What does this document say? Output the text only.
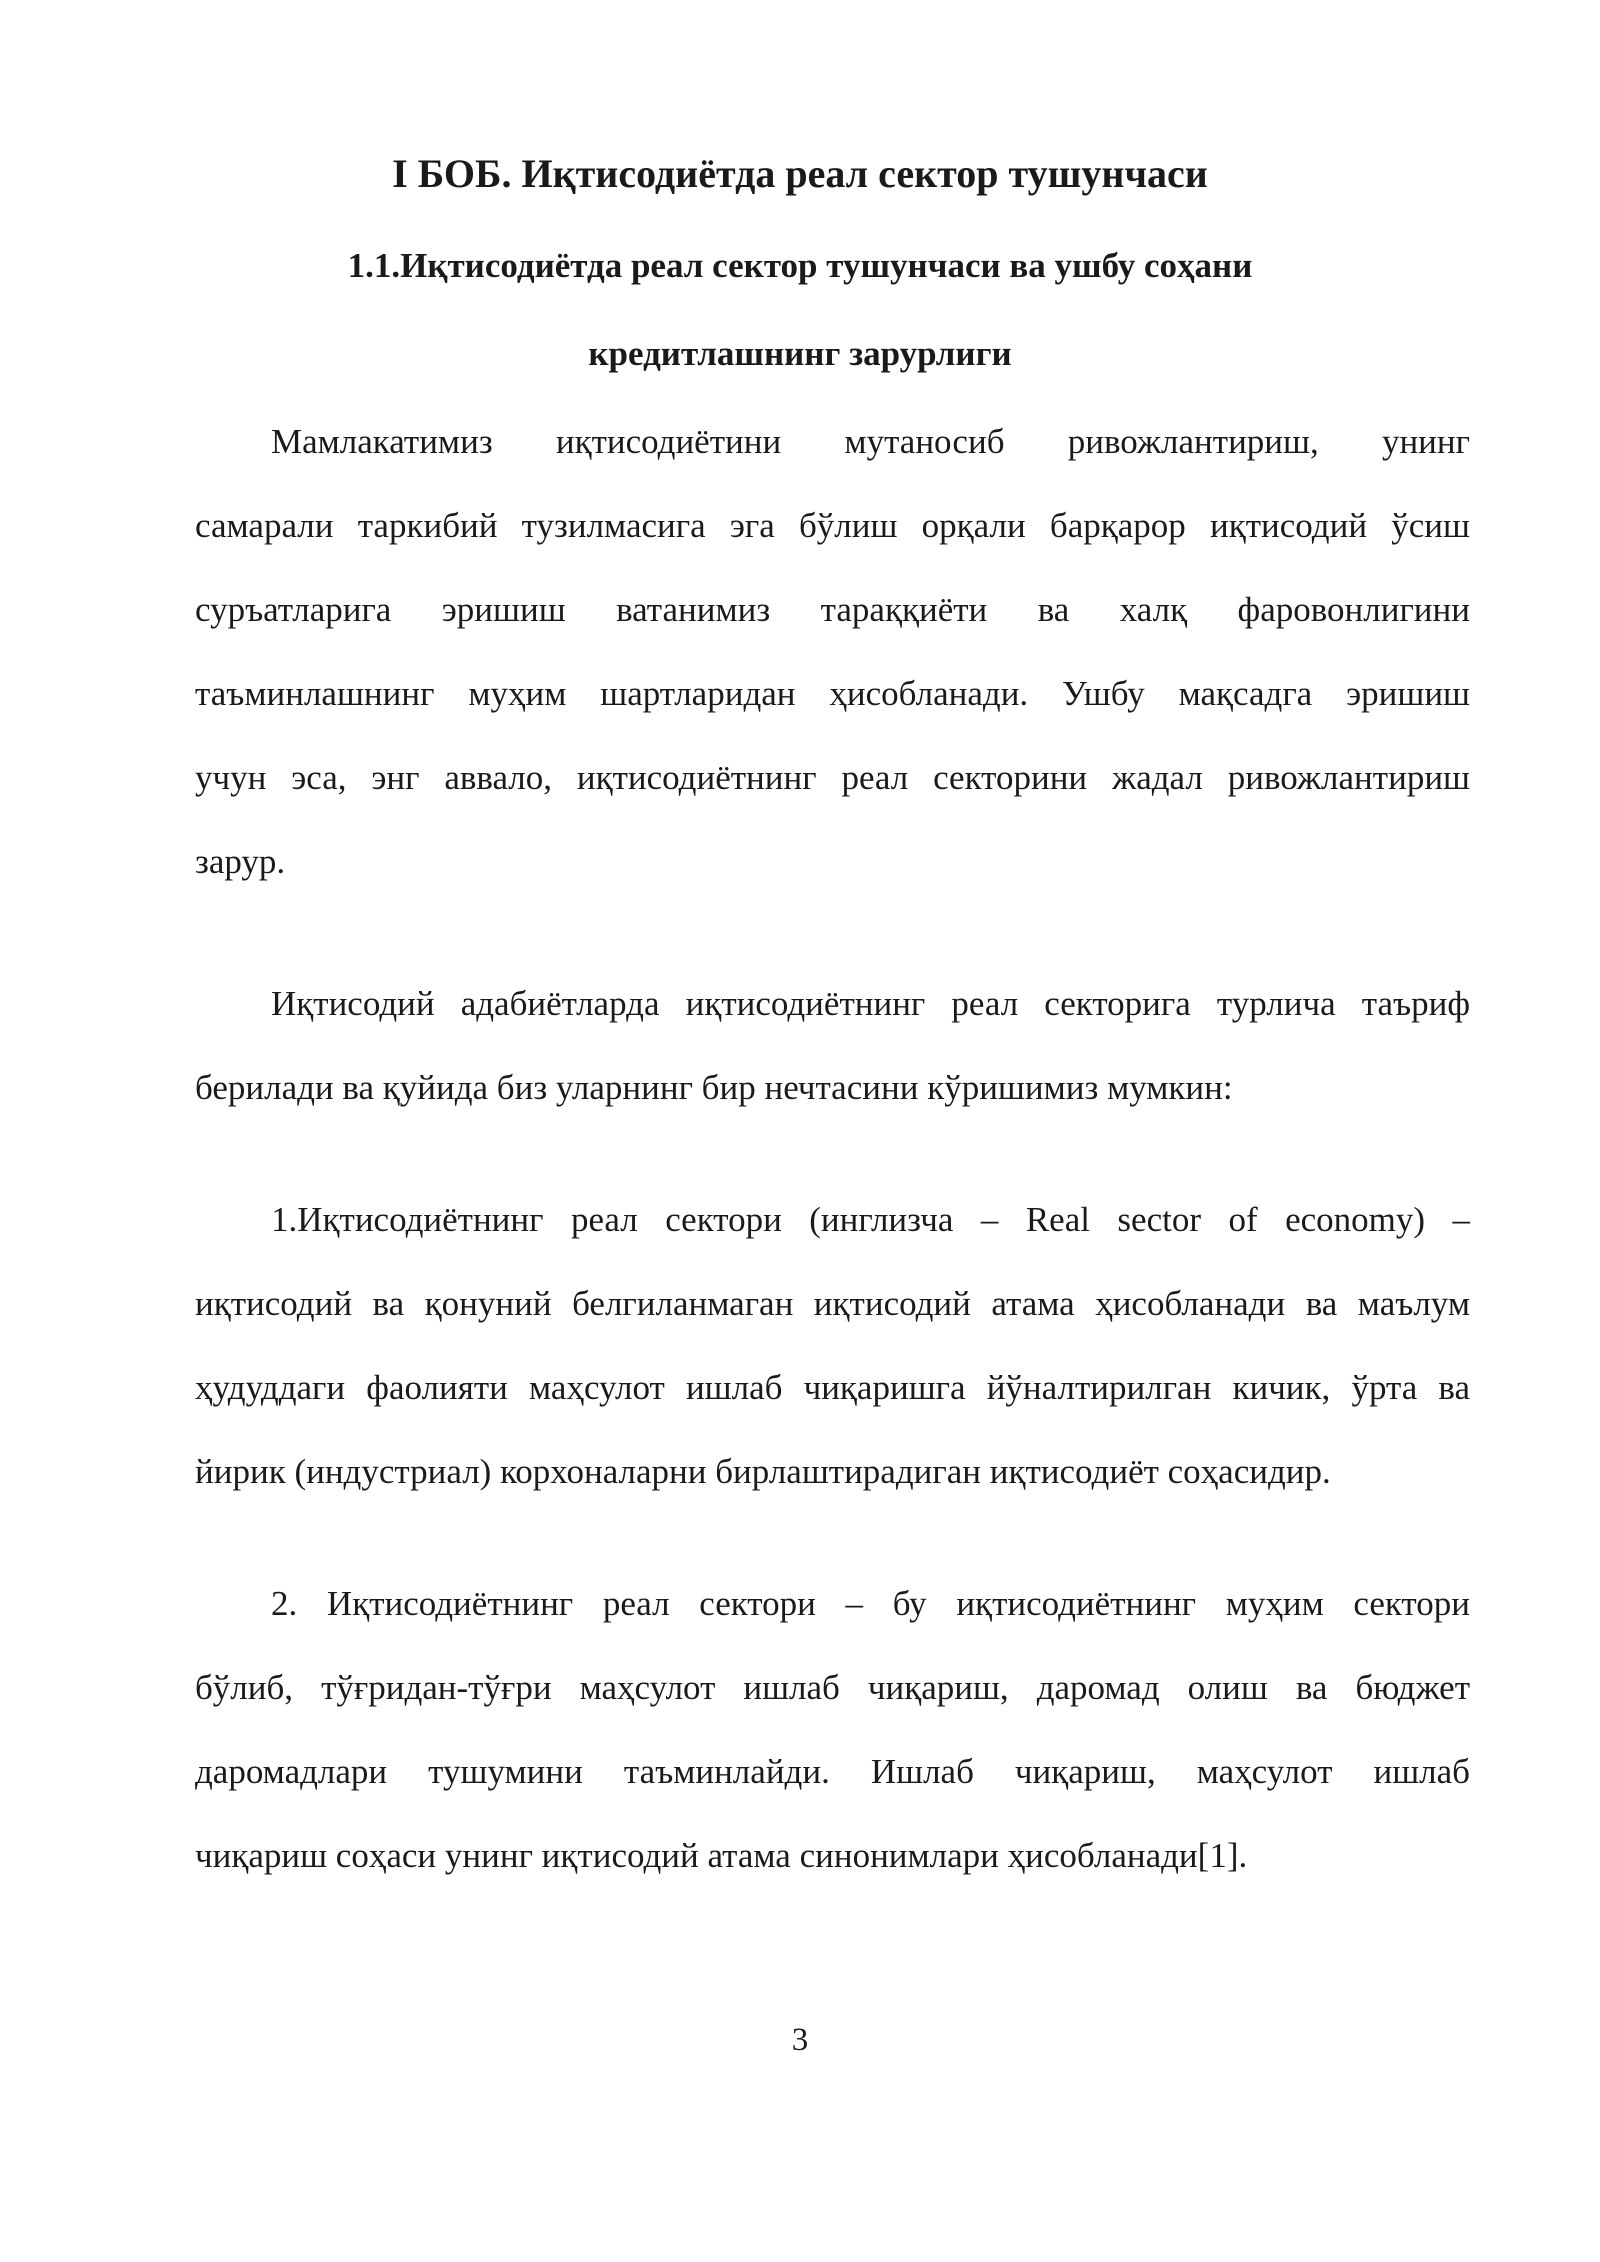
I БОБ. Иқтисодиётда реал сектор тушунчаси
1.1.Иқтисодиётда реал сектор тушунчаси ва ушбу соҳани
кредитлашнинг зарурлиги

Мамлакатимиз иқтисодиётини мутаносиб ривожлантириш, унинг
самарали таркибий тузилмасига эга бўлиш орқали барқарор иқтисодий ўсиш
суръатларига эришиш ватанимиз тараққиёти ва халқ фаровонлигини
таъминлашнинг муҳим шартларидан ҳисобланади. Ушбу мақсадга эришиш
учун эса, энг аввало, иқтисодиётнинг реал секторини жадал ривожлантириш
зарур.

Иқтисодий адабиётларда иқтисодиётнинг реал секторига турлича таъриф
берилади ва қуйида биз уларнинг бир нечтасини кўришимиз мумкин:

1.Иқтисодиётнинг реал сектори (инглизча – Real sector of economy) –
иқтисодий ва қонуний белгиланмаган иқтисодий атама ҳисобланади ва маълум
ҳудуддаги фаолияти маҳсулот ишлаб чиқаришга йўналтирилган кичик, ўрта ва
йирик (индустриал) корхоналарни бирлаштирадиган иқтисодиёт соҳасидир.

2. Иқтисодиётнинг реал сектори – бу иқтисодиётнинг муҳим сектори
бўлиб, тўғридан-тўғри маҳсулот ишлаб чиқариш, даромад олиш ва бюджет
даромадлари тушумини таъминлайди. Ишлаб чиқариш, маҳсулот ишлаб
чиқариш соҳаси унинг иқтисодий атама синонимлари ҳисобланади[1].

3
